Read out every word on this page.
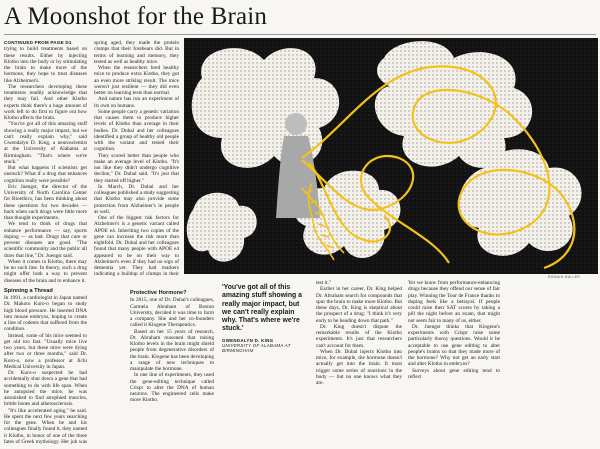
A Moonshot for the Brain

CONTINUED FROM PAGE D1

trying to build treatments based on these results. Either by injecting Klotho into the body or by stimulating the brain to make more of the hormone, they hope to treat diseases like Alzheimer's.

The researchers developing these treatments readily acknowledge that they may fail. And other Klotho experts think there's a huge amount of work left to do first to figure out how Klotho affects the brain.

"You've got all of this amazing stuff showing a really major impact, but we can't really explain why," said Gwendalyn D. King, a neuroscientist at the University of Alabama at Birmingham. "That's where we're stuck."

But what happens if scientists get unstuck? What if a drug that enhances cognition really were possible?

Eric Juengst, the director of the University of North Carolina Center for Bioethics, has been thinking about these questions for two decades — back when such drugs were little more than thought experiments.

We tend to think of drugs that enhance performance — say, sports doping — as bad. Drugs that cure or prevent diseases are good. "The scientific community and the public all draw that line," Dr. Juengst said.

When it comes to Klotho, there may be no such line. In theory, such a drug might offer both a way to prevent diseases of the brain and to enhance it.

Spinning a Thread

In 1991, a cardiologist in Japan named Dr. Makoto Kuro-o began to study high blood pressure. He inserted DNA into mouse embryos, hoping to create a line of rodents that suffered from the condition.

Instead, some of his mice seemed to get old too fast. "Usually mice live two years, but these mice were dying after two or three months," said Dr. Kuro-o, now a professor at Jichi Medical University in Japan.

Dr. Kuro-o suspected he had accidentally shut down a gene that had something to do with life span. When he autopsied the mice, he was astonished to find atrophied muscles, brittle bones and atherosclerosis.

"It's like accelerated aging," he said. He spent the next few years searching for the gene. When he and his colleagues finally found it, they named it Klotho, in honor of one of the three fates of Greek mythology. Her job was

spring aged, they made the protein clumps that their forebears did. But in terms of learning and memory, they tested as well as healthy mice.

When the researchers bred healthy mice to produce extra Klotho, they got an even more striking result. The mice weren't just resilient — they did even better on learning tests than normal.

And nature has run an experiment of its own on humans.

Some people carry a genetic variation that causes them to produce higher levels of Klotho than average in their bodies. Dr. Dubal and her colleagues identified a group of healthy old people with the variant and tested their cognition.

They scored better than people who make an average level of Klotho. "It's not like they didn't undergo cognitive decline," Dr. Dubal said. "It's just that they started off higher."

In March, Dr. Dubal and her colleagues published a study suggesting that Klotho may also provide some protection from Alzheimer's in people as well.

One of the biggest risk factors for Alzheimer's is a genetic variant called APOE e4. Inheriting two copies of the gene can increase the risk more than eightfold. Dr. Dubal and her colleagues found that many people with APOE e4 appeared to be on their way to Alzheimer's even if they had no sign of dementia yet. They had markers indicating a buildup of clumps in their	ROMAIN MULLER
Protective Hormone?

In 2015, one of Dr. Dubal's colleagues, Carmela Abraham of Boston University, decided it was time to form a company. She and her co-founders called it Klogene Therapeutics.

Based on her 15 years of research, Dr. Abraham reasoned that raising Klotho levels in the brain might shield people from degenerative disorders of the brain. Klogene has been developing a range of new techniques to manipulate the hormone.

In one line of experiments, they used the gene-editing technique called Crispr to alter the DNA of human neurons. The engineered cells make more Klotho.

'You've got all of this amazing stuff showing a really major impact, but we can't really explain why. That's where we're stuck.'

GWENDALYN D. KING
UNIVERSITY OF ALABAMA AT BIRMINGHAM

test it."

Earlier in her career, Dr. King helped Dr. Abraham search for compounds that spur the brain to make more Klotho. But these days, Dr. King is skeptical about the prospect of a drug: "I think it's very early to be heading down that path."

Dr. King doesn't dispute the remarkable results of the Klotho experiments. It's just that researchers can't account for them.

When Dr. Dubal injects Klotho into mice, for example, the hormone doesn't actually get into the brain. It must trigger some series of reactions in the body — but no one knows what they are.

Yet we know from performance-enhancing drugs because they offend our sense of fair play. Winning the Tour de France thanks to doping feels like a betrayal. If people could raise their SAT scores by taking a pill the night before an exam, that might not seem fair to many of us, either.

Dr. Juengst thinks that Klogene's experiments with Crispr raise some particularly thorny questions. Would it be acceptable to use gene editing to alter people's brains so that they made more of the hormone? Why not get an early start and alter Klotho in embryos?

Surveys about gene editing tend to reflect
